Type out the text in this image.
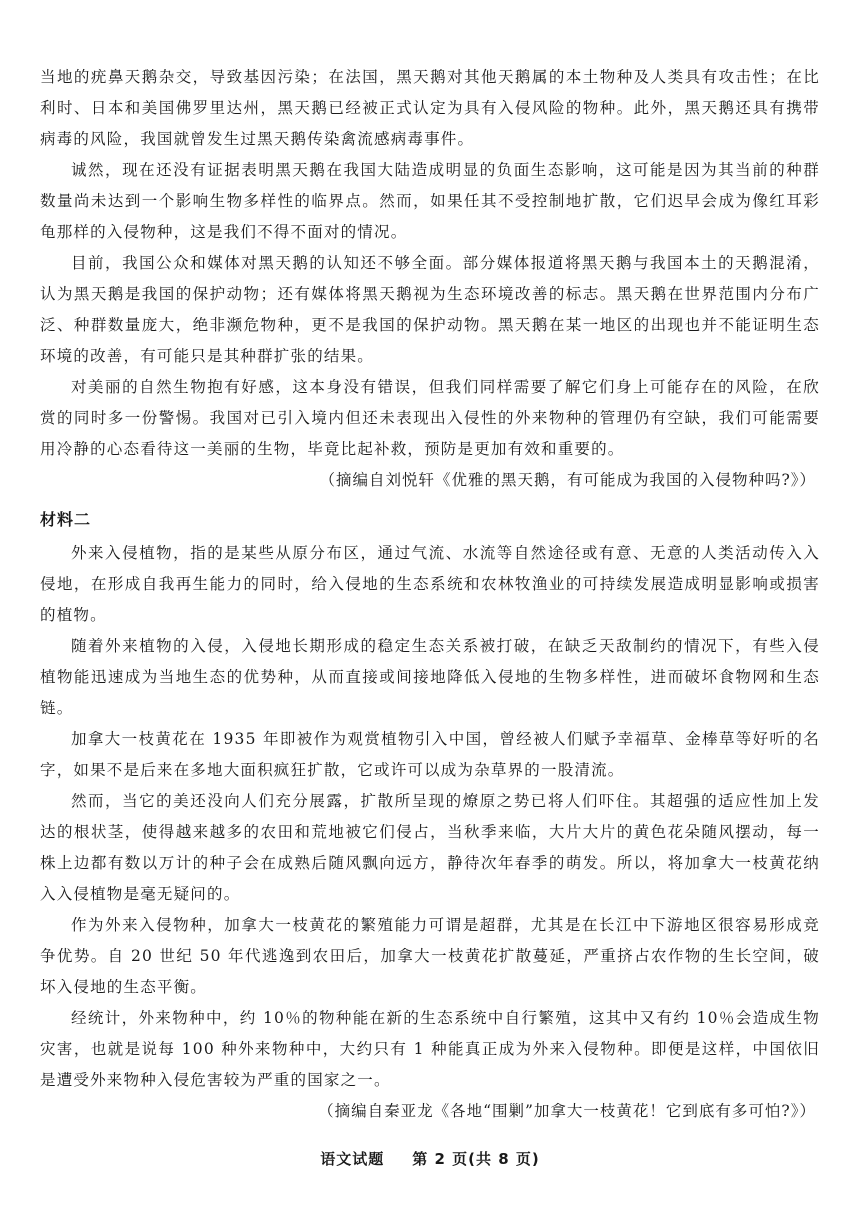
当地的疣鼻天鹅杂交，导致基因污染；在法国，黑天鹅对其他天鹅属的本土物种及人类具有攻击性；在比利时、日本和美国佛罗里达州，黑天鹅已经被正式认定为具有入侵风险的物种。此外，黑天鹅还具有携带病毒的风险，我国就曾发生过黑天鹅传染禽流感病毒事件。

诚然，现在还没有证据表明黑天鹅在我国大陆造成明显的负面生态影响，这可能是因为其当前的种群数量尚未达到一个影响生物多样性的临界点。然而，如果任其不受控制地扩散，它们迟早会成为像红耳彩龟那样的入侵物种，这是我们不得不面对的情况。

目前，我国公众和媒体对黑天鹅的认知还不够全面。部分媒体报道将黑天鹅与我国本土的天鹅混淆，认为黑天鹅是我国的保护动物；还有媒体将黑天鹅视为生态环境改善的标志。黑天鹅在世界范围内分布广泛、种群数量庞大，绝非濒危物种，更不是我国的保护动物。黑天鹅在某一地区的出现也并不能证明生态环境的改善，有可能只是其种群扩张的结果。

对美丽的自然生物抱有好感，这本身没有错误，但我们同样需要了解它们身上可能存在的风险，在欣赏的同时多一份警惕。我国对已引入境内但还未表现出入侵性的外来物种的管理仍有空缺，我们可能需要用冷静的心态看待这一美丽的生物，毕竟比起补救，预防是更加有效和重要的。

（摘编自刘悦轩《优雅的黑天鹅，有可能成为我国的入侵物种吗?》）

材料二

外来入侵植物，指的是某些从原分布区，通过气流、水流等自然途径或有意、无意的人类活动传入入侵地，在形成自我再生能力的同时，给入侵地的生态系统和农林牧渔业的可持续发展造成明显影响或损害的植物。

随着外来植物的入侵，入侵地长期形成的稳定生态关系被打破，在缺乏天敌制约的情况下，有些入侵植物能迅速成为当地生态的优势种，从而直接或间接地降低入侵地的生物多样性，进而破坏食物网和生态链。

加拿大一枝黄花在 1935 年即被作为观赏植物引入中国，曾经被人们赋予幸福草、金棒草等好听的名字，如果不是后来在多地大面积疯狂扩散，它或许可以成为杂草界的一股清流。

然而，当它的美还没向人们充分展露，扩散所呈现的燎原之势已将人们吓住。其超强的适应性加上发达的根状茎，使得越来越多的农田和荒地被它们侵占，当秋季来临，大片大片的黄色花朵随风摆动，每一株上边都有数以万计的种子会在成熟后随风飘向远方，静待次年春季的萌发。所以，将加拿大一枝黄花纳入入侵植物是毫无疑问的。

作为外来入侵物种，加拿大一枝黄花的繁殖能力可谓是超群，尤其是在长江中下游地区很容易形成竞争优势。自 20 世纪 50 年代逃逸到农田后，加拿大一枝黄花扩散蔓延，严重挤占农作物的生长空间，破坏入侵地的生态平衡。

经统计，外来物种中，约 10％的物种能在新的生态系统中自行繁殖，这其中又有约 10％会造成生物灾害，也就是说每 100 种外来物种中，大约只有 1 种能真正成为外来入侵物种。即便是这样，中国依旧是遭受外来物种入侵危害较为严重的国家之一。

（摘编自秦亚龙《各地“围剿”加拿大一枝黄花！它到底有多可怕?》）

语文试题 第 2 页(共 8 页)
